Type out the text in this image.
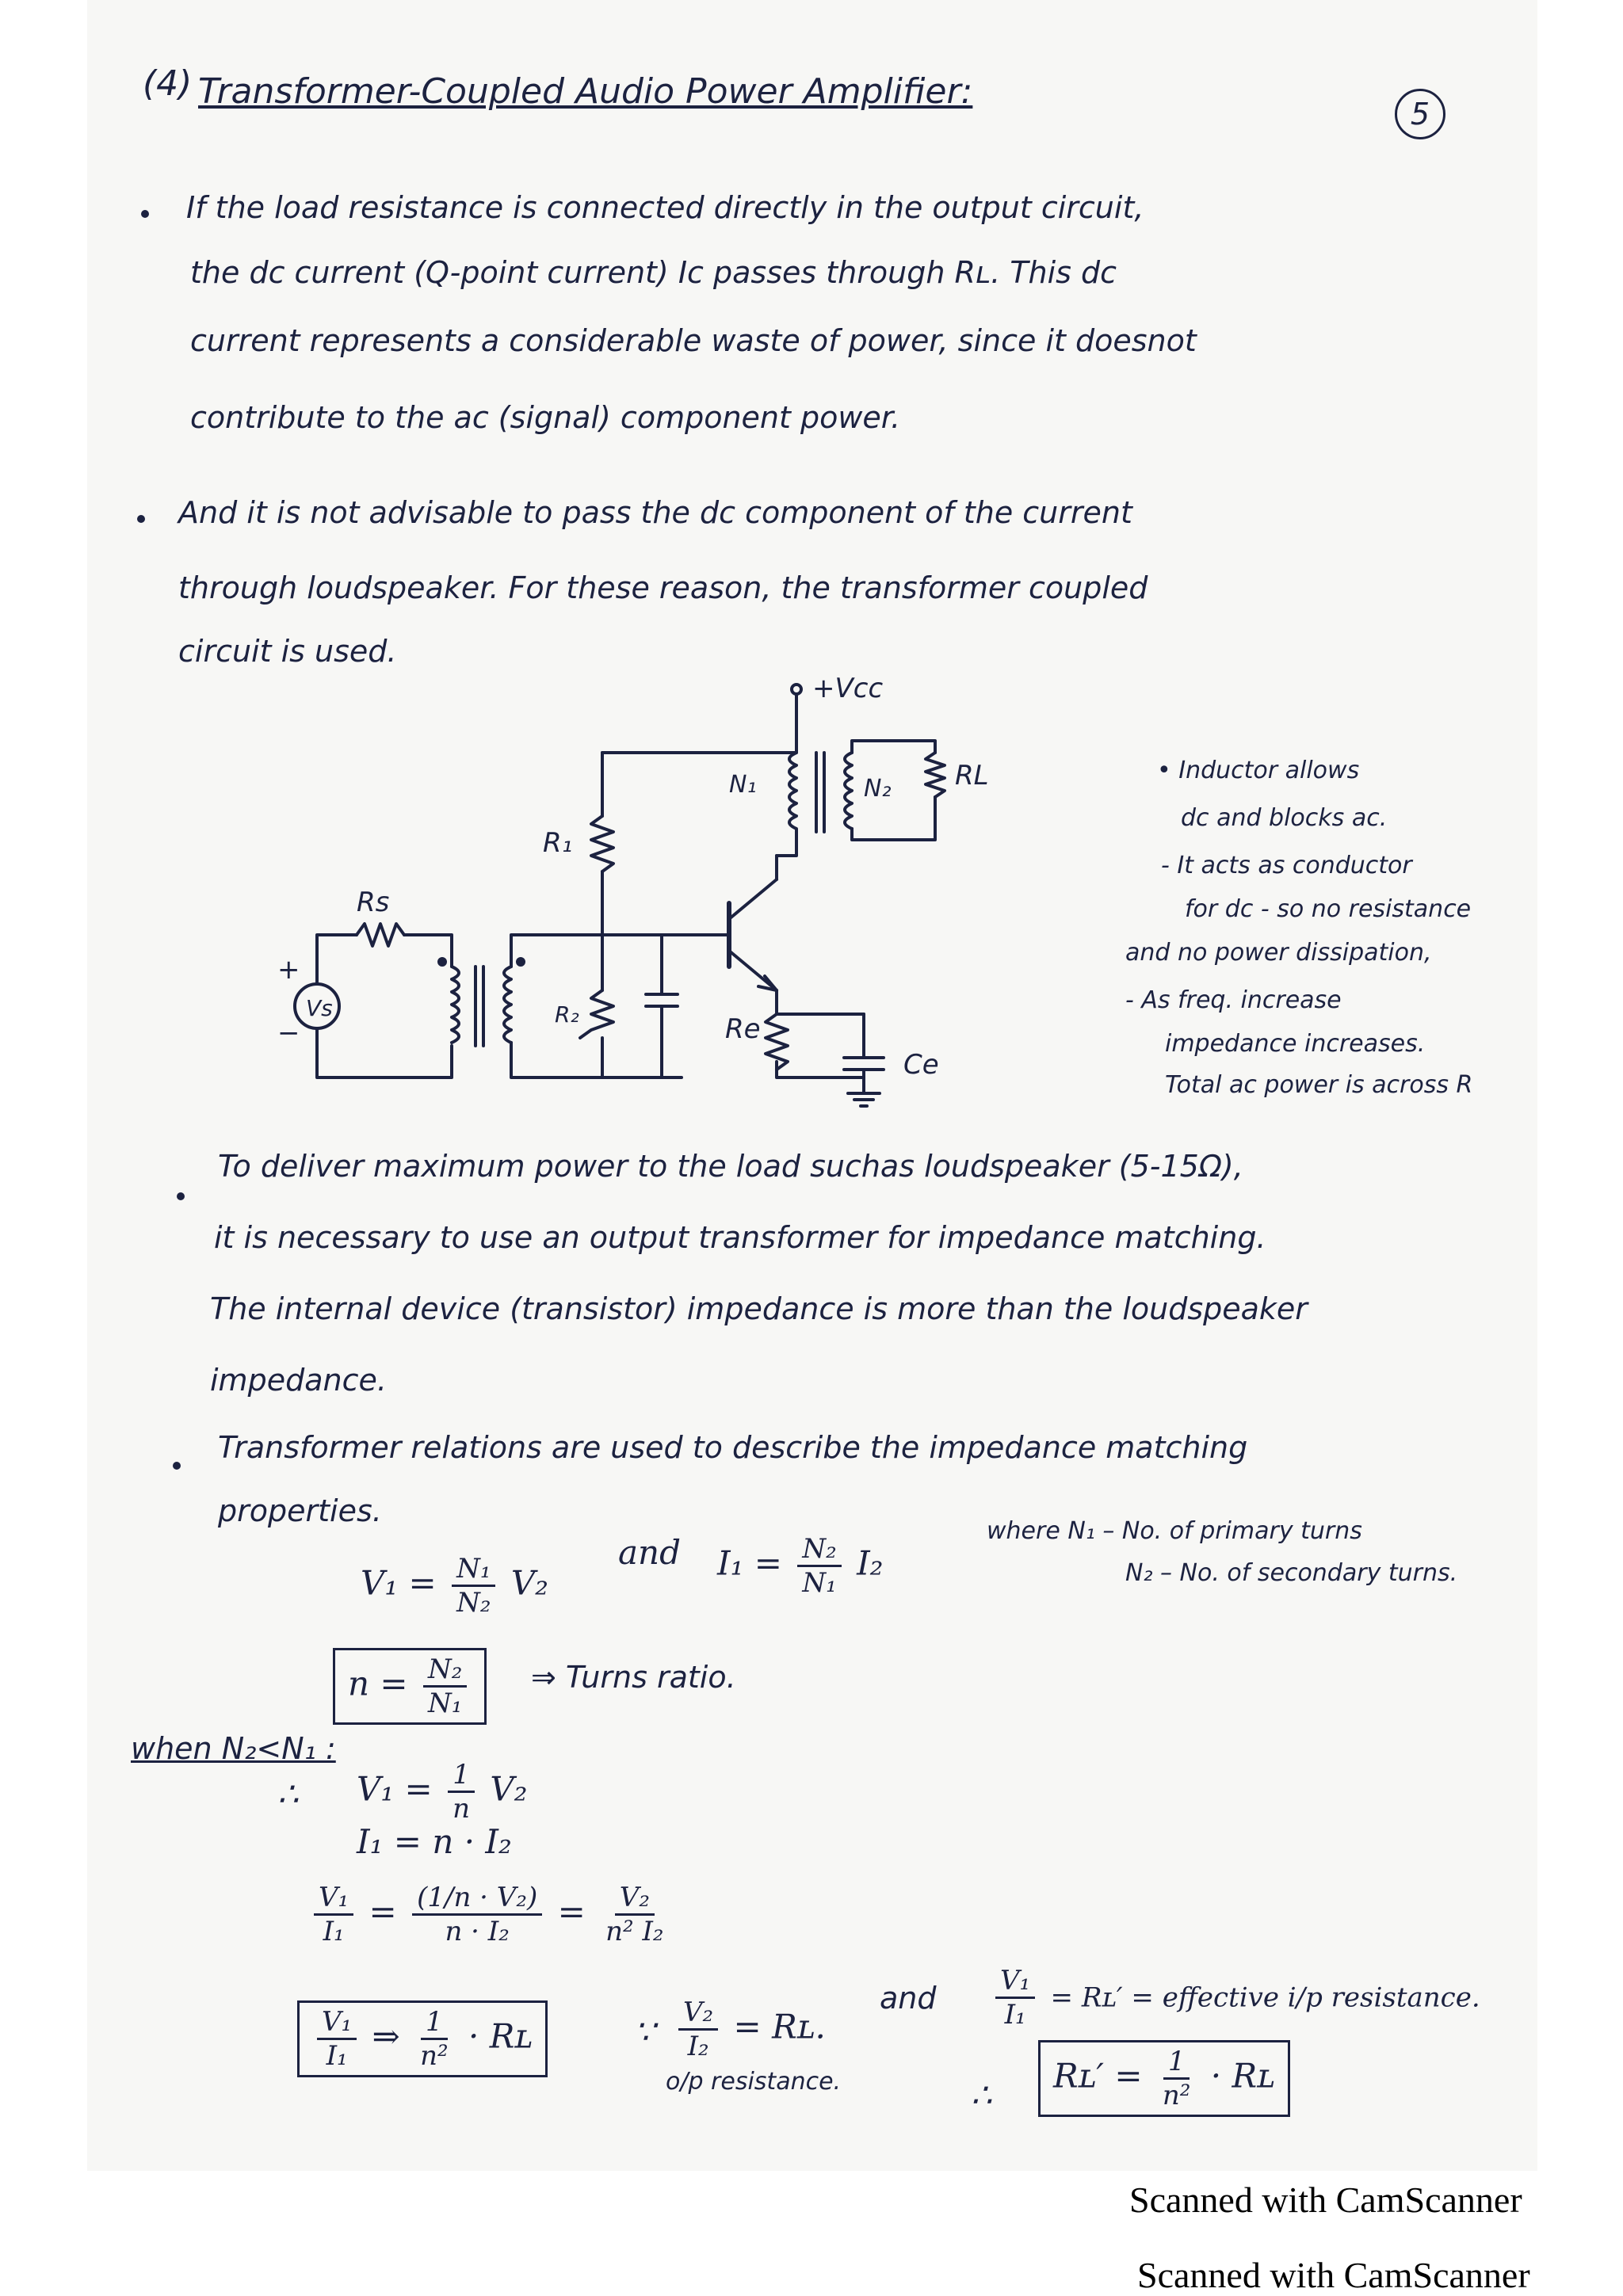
(4) Transformer-Coupled Audio Power Amplifier:
5
If the load resistance is connected directly in the output circuit,
the dc current (Q-point current) Iᴄ passes through Rʟ. This dc
current represents a considerable waste of power, since it doesnot
contribute to the ac (signal) component power.
And it is not advisable to pass the dc component of the current
through loudspeaker. For these reason, the transformer coupled
circuit is used.
+Vcc
Rs
Vs
+
−
R₁
R₂	Re
Ce
N₁	N₂ RL	• Inductor allows
dc and blocks ac.
- It acts as conductor
for dc - so no resistance
and no power dissipation,
- As freq. increase
impedance increases.
Total ac power is across R
To deliver maximum power to the load suchas loudspeaker (5-15Ω),
it is necessary to use an output transformer for impedance matching.
The internal device (transistor) impedance is more than the loudspeaker
impedance.
Transformer relations are used to describe the impedance matching
properties.
$V_1 = \frac{\text{N₁}}{\text{N₂}} V_2$
and $I_1 = \frac{\text{N₂}}{\text{N₁}} I_2$
where N₁ – No. of primary turns
N₂ – No. of secondary turns.
$n = \frac{\text{N₂}}{\text{N₁}}$ ⇒ Turns ratio.
when N₂<N₁ :
∴ $V_1 = \frac{1}{n} V_2$
I₁ = n · I₂
$\frac{\text{V₁}}{\text{I₁}} = \frac{\text{(1/n · V₂)}}{\text{n · I₂}} = \frac{\text{V₂}}{\text{n² I₂}}$
$\frac{\text{V₁}}{\text{I₁}}$ ⇒ $\frac{1}{\text{n²}}$ · Rʟ	∵ $\frac{\text{V₂}}{\text{I₂}}$ = Rʟ.
o/p resistance.
and $\frac{\text{V₁}}{\text{I₁}}$ = Rʟ′ = effective i/p resistance.
∴	Rʟ′ = $\frac{1}{\text{n²}}$ · Rʟ
Scanned with CamScanner
Scanned with CamScanner
